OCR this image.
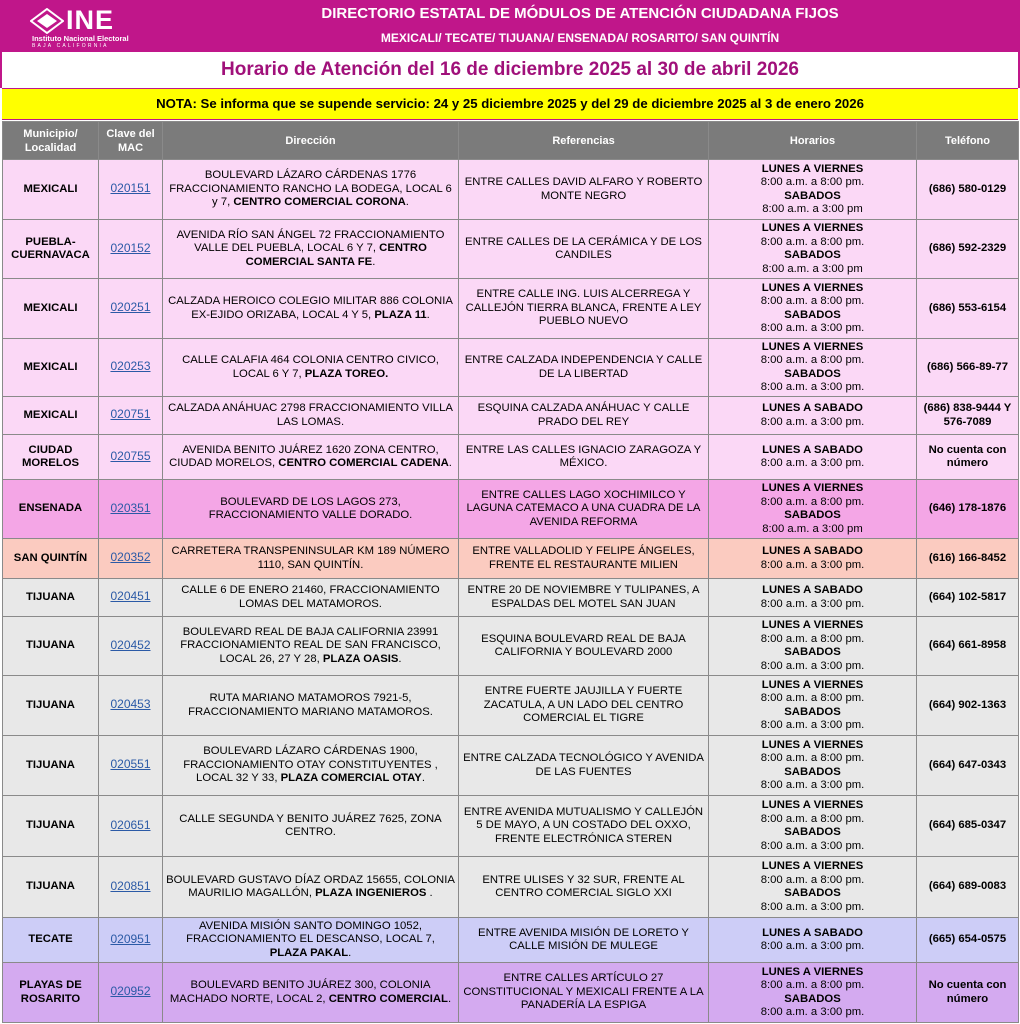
INE
Instituto Nacional Electoral
BAJA CALIFORNIA
DIRECTORIO ESTATAL DE MÓDULOS DE ATENCIÓN CIUDADANA FIJOS
MEXICALI/ TECATE/ TIJUANA/ ENSENADA/ ROSARITO/ SAN QUINTÍN
Horario de Atención del 16 de diciembre 2025 al 30 de abril 2026
NOTA: Se informa que se supende servicio: 24 y 25 diciembre 2025 y del 29 de diciembre 2025 al 3 de enero 2026
Municipio/ Localidad	Clave del MAC	Dirección	Referencias	Horarios	Teléfono
MEXICALI	020151	BOULEVARD LÁZARO CÁRDENAS 1776 FRACCIONAMIENTO RANCHO LA BODEGA, LOCAL 6 y 7, CENTRO COMERCIAL CORONA.	ENTRE CALLES DAVID ALFARO Y ROBERTO MONTE NEGRO	LUNES A VIERNES
8:00 a.m. a 8:00 pm.
SABADOS
8:00 a.m. a 3:00 pm	(686) 580-0129
PUEBLA-CUERNAVACA	020152	AVENIDA RÍO SAN ÁNGEL 72 FRACCIONAMIENTO VALLE DEL PUEBLA, LOCAL 6 Y 7, CENTRO COMERCIAL SANTA FE.	ENTRE CALLES DE LA CERÁMICA Y DE LOS CANDILES	LUNES A VIERNES
8:00 a.m. a 8:00 pm.
SABADOS
8:00 a.m. a 3:00 pm	(686) 592-2329
MEXICALI	020251	CALZADA HEROICO COLEGIO MILITAR 886 COLONIA EX-EJIDO ORIZABA, LOCAL 4 Y 5, PLAZA 11.	ENTRE CALLE ING. LUIS ALCERREGA Y CALLEJÓN TIERRA BLANCA, FRENTE A LEY PUEBLO NUEVO	LUNES A VIERNES
8:00 a.m. a 8:00 pm.
SABADOS
8:00 a.m. a 3:00 pm.	(686) 553-6154
MEXICALI	020253	CALLE CALAFIA 464 COLONIA CENTRO CIVICO, LOCAL 6 Y 7, PLAZA TOREO.	ENTRE CALZADA INDEPENDENCIA Y CALLE DE LA LIBERTAD	LUNES A VIERNES
8:00 a.m. a 8:00 pm.
SABADOS
8:00 a.m. a 3:00 pm.	(686) 566-89-77
MEXICALI	020751	CALZADA ANÁHUAC 2798 FRACCIONAMIENTO VILLA LAS LOMAS.	ESQUINA CALZADA ANÁHUAC Y CALLE PRADO DEL REY	LUNES A SABADO
8:00 a.m. a 3:00 pm.	(686) 838-9444 Y 576-7089
CIUDAD MORELOS	020755	AVENIDA BENITO JUÁREZ 1620 ZONA CENTRO, CIUDAD MORELOS, CENTRO COMERCIAL CADENA.	ENTRE LAS CALLES IGNACIO ZARAGOZA Y MÉXICO.	LUNES A SABADO
8:00 a.m. a 3:00 pm.	No cuenta con número
ENSENADA	020351	BOULEVARD DE LOS LAGOS 273, FRACCIONAMIENTO VALLE DORADO.	ENTRE CALLES LAGO XOCHIMILCO Y LAGUNA CATEMACO A UNA CUADRA DE LA AVENIDA REFORMA	LUNES A VIERNES
8:00 a.m. a 8:00 pm.
SABADOS
8:00 a.m. a 3:00 pm	(646) 178-1876
SAN QUINTÍN	020352	CARRETERA TRANSPENINSULAR KM 189 NÚMERO 1110, SAN QUINTÍN.	ENTRE VALLADOLID Y FELIPE ÁNGELES, FRENTE EL RESTAURANTE MILIEN	LUNES A SABADO
8:00 a.m. a 3:00 pm.	(616) 166-8452
TIJUANA	020451	CALLE 6 DE ENERO 21460, FRACCIONAMIENTO LOMAS DEL MATAMOROS.	ENTRE 20 DE NOVIEMBRE Y TULIPANES, A ESPALDAS DEL MOTEL SAN JUAN	LUNES A SABADO
8:00 a.m. a 3:00 pm.	(664) 102-5817
TIJUANA	020452	BOULEVARD REAL DE BAJA CALIFORNIA 23991 FRACCIONAMIENTO REAL DE SAN FRANCISCO, LOCAL 26, 27 Y 28, PLAZA OASIS.	ESQUINA BOULEVARD REAL DE BAJA CALIFORNIA Y BOULEVARD 2000	LUNES A VIERNES
8:00 a.m. a 8:00 pm.
SABADOS
8:00 a.m. a 3:00 pm.	(664) 661-8958
TIJUANA	020453	RUTA MARIANO MATAMOROS 7921-5, FRACCIONAMIENTO MARIANO MATAMOROS.	ENTRE FUERTE JAUJILLA Y FUERTE ZACATULA, A UN LADO DEL CENTRO COMERCIAL EL TIGRE	LUNES A VIERNES
8:00 a.m. a 8:00 pm.
SABADOS
8:00 a.m. a 3:00 pm.	(664) 902-1363
TIJUANA	020551	BOULEVARD LÁZARO CÁRDENAS 1900, FRACCIONAMIENTO OTAY CONSTITUYENTES , LOCAL 32 Y 33, PLAZA COMERCIAL OTAY.	ENTRE CALZADA TECNOLÓGICO Y AVENIDA DE LAS FUENTES	LUNES A VIERNES
8:00 a.m. a 8:00 pm.
SABADOS
8:00 a.m. a 3:00 pm.	(664) 647-0343
TIJUANA	020651	CALLE SEGUNDA Y BENITO JUÁREZ 7625, ZONA CENTRO.	ENTRE AVENIDA MUTUALISMO Y CALLEJÓN 5 DE MAYO, A UN COSTADO DEL OXXO, FRENTE ELECTRÓNICA STEREN	LUNES A VIERNES
8:00 a.m. a 8:00 pm.
SABADOS
8:00 a.m. a 3:00 pm.	(664) 685-0347
TIJUANA	020851	BOULEVARD GUSTAVO DÍAZ ORDAZ 15655, COLONIA MAURILIO MAGALLÓN, PLAZA INGENIEROS .	ENTRE ULISES Y 32 SUR, FRENTE AL CENTRO COMERCIAL SIGLO XXI	LUNES A VIERNES
8:00 a.m. a 8:00 pm.
SABADOS
8:00 a.m. a 3:00 pm.	(664) 689-0083
TECATE	020951	AVENIDA MISIÓN SANTO DOMINGO 1052, FRACCIONAMIENTO EL DESCANSO, LOCAL 7, PLAZA PAKAL.	ENTRE AVENIDA MISIÓN DE LORETO Y CALLE MISIÓN DE MULEGE	LUNES A SABADO
8:00 a.m. a 3:00 pm.	(665) 654-0575
PLAYAS DE ROSARITO	020952	BOULEVARD BENITO JUÁREZ 300, COLONIA MACHADO NORTE, LOCAL 2, CENTRO COMERCIAL.	ENTRE CALLES ARTÍCULO 27 CONSTITUCIONAL Y MEXICALI FRENTE A LA PANADERÍA LA ESPIGA	LUNES A VIERNES
8:00 a.m. a 8:00 pm.
SABADOS
8:00 a.m. a 3:00 pm.	No cuenta con número
